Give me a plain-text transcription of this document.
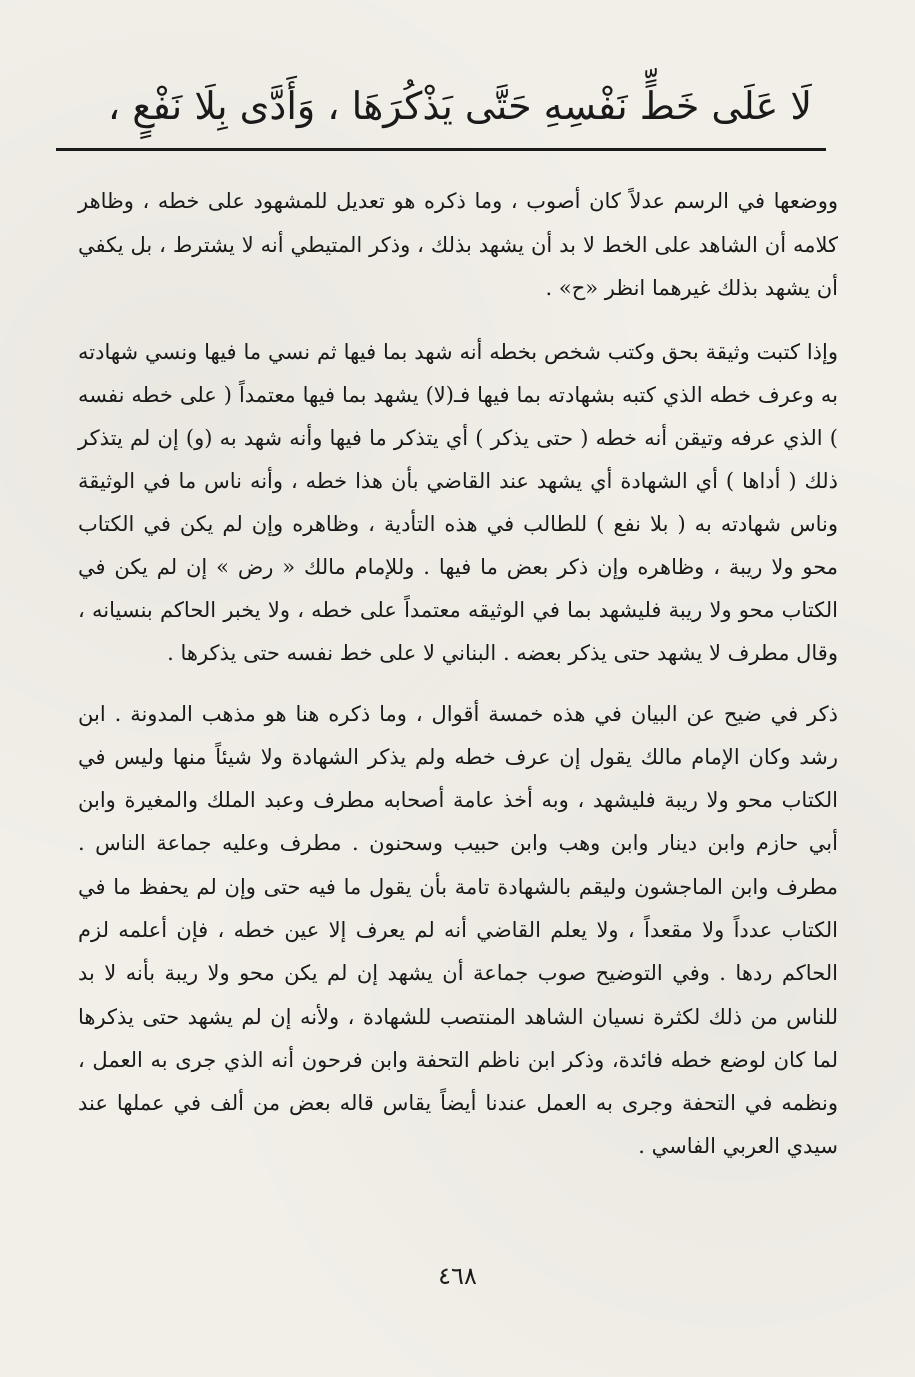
لَا عَلَى خَطٍّ نَفْسِهِ حَتَّى يَذْكُرَهَا ، وَأَدَّى بِلَا نَفْعٍ ،

ووضعها في الرسم عدلاً كان أصوب ، وما ذكره هو تعديل للمشهود على خطه ، وظاهر كلامه أن الشاهد على الخط لا بد أن يشهد بذلك ، وذكر المتيطي أنه لا يشترط ، بل يكفي أن يشهد بذلك غيرهما انظر «ح» .

وإذا كتبت وثيقة بحق وكتب شخص بخطه أنه شهد بما فيها ثم نسي ما فيها ونسي شهادته به وعرف خطه الذي كتبه بشهادته بما فيها فـ(لا) يشهد بما فيها معتمداً ( على خطه نفسه ) الذي عرفه وتيقن أنه خطه ( حتى يذكر ) أي يتذكر ما فيها وأنه شهد به (و) إن لم يتذكر ذلك ( أداها ) أي الشهادة أي يشهد عند القاضي بأن هذا خطه ، وأنه ناس ما في الوثيقة وناس شهادته به ( بلا نفع ) للطالب في هذه التأدية ، وظاهره وإن لم يكن في الكتاب محو ولا ريبة ، وظاهره وإن ذكر بعض ما فيها . وللإمام مالك « رض » إن لم يكن في الكتاب محو ولا ريبة فليشهد بما في الوثيقه معتمداً على خطه ، ولا يخبر الحاكم بنسيانه ، وقال مطرف لا يشهد حتى يذكر بعضه . البناني لا على خط نفسه حتى يذكرها .

ذكر في ضيح عن البيان في هذه خمسة أقوال ، وما ذكره هنا هو مذهب المدونة . ابن رشد وكان الإمام مالك يقول إن عرف خطه ولم يذكر الشهادة ولا شيئاً منها وليس في الكتاب محو ولا ريبة فليشهد ، وبه أخذ عامة أصحابه مطرف وعبد الملك والمغيرة وابن أبي حازم وابن دينار وابن وهب وابن حبيب وسحنون . مطرف وعليه جماعة الناس . مطرف وابن الماجشون وليقم بالشهادة تامة بأن يقول ما فيه حتى وإن لم يحفظ ما في الكتاب عدداً ولا مقعداً ، ولا يعلم القاضي أنه لم يعرف إلا عين خطه ، فإن أعلمه لزم الحاكم ردها . وفي التوضيح صوب جماعة أن يشهد إن لم يكن محو ولا ريبة بأنه لا بد للناس من ذلك لكثرة نسيان الشاهد المنتصب للشهادة ، ولأنه إن لم يشهد حتى يذكرها لما كان لوضع خطه فائدة، وذكر ابن ناظم التحفة وابن فرحون أنه الذي جرى به العمل ، ونظمه في التحفة وجرى به العمل عندنا أيضاً يقاس قاله بعض من ألف في عملها عند سيدي العربي الفاسي .

٤٦٨
